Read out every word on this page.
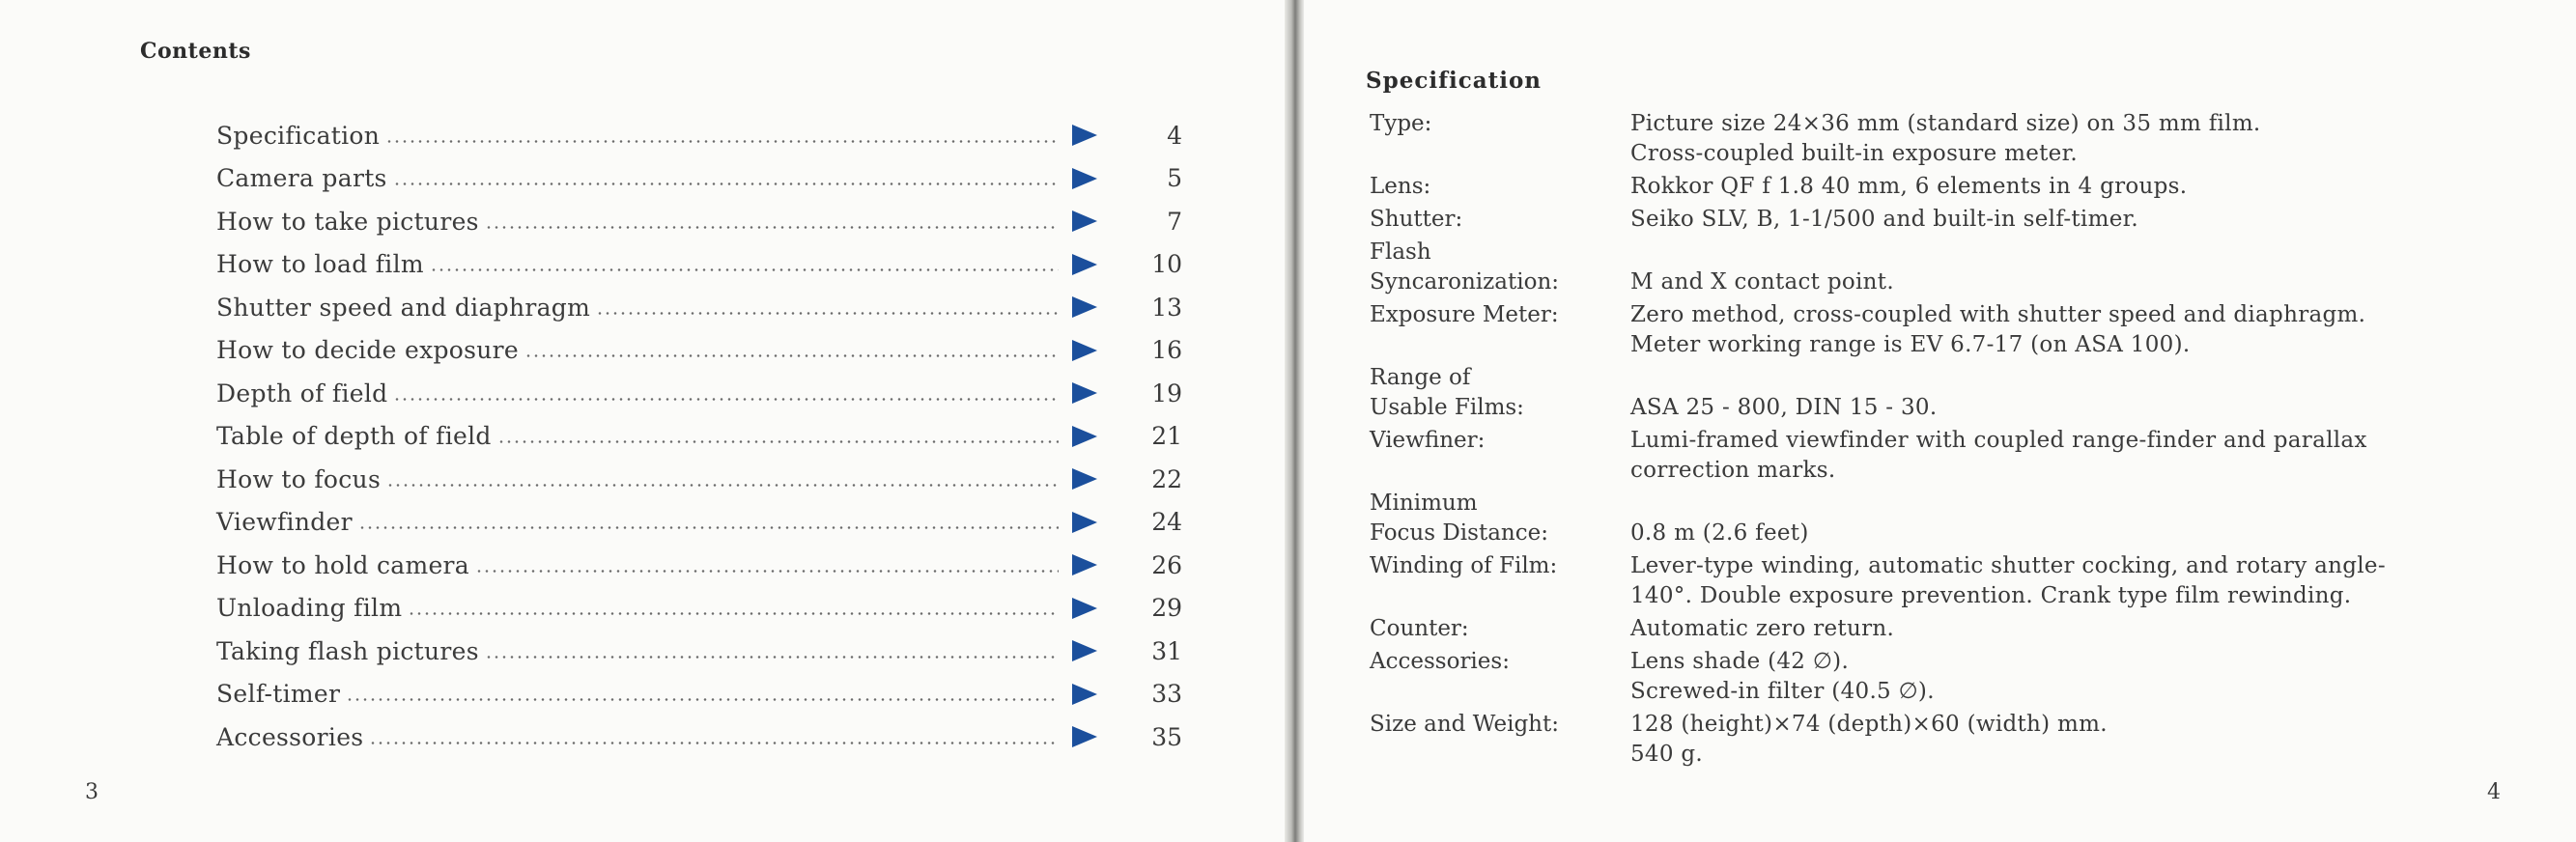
Contents
Specification	4
Camera parts	5
How to take pictures	7
How to load film	10
Shutter speed and diaphragm	13
How to decide exposure	16
Depth of field	19
Table of depth of field	21
How to focus	22
Viewfinder	24
How to hold camera	26
Unloading film	29
Taking flash pictures	31
Self-timer	33
Accessories	35
3	4
Specification
Type:	Picture size 24×36 mm (standard size) on 35 mm film.
Cross-coupled built-in exposure meter.
Lens:	Rokkor QF f 1.8 40 mm, 6 elements in 4 groups.
Shutter:	Seiko SLV, B, 1-1/500 and built-in self-timer.
Flash
Syncaronization:
	M and X contact point.
Exposure Meter:	Zero method, cross-coupled with shutter speed and diaphragm.
Meter working range is EV 6.7-17 (on ASA 100).
Range of
Usable Films:
	ASA 25 - 800, DIN 15 - 30.
Viewfiner:	Lumi-framed viewfinder with coupled range-finder and parallax
correction marks.
Minimum
Focus Distance:
	0.8 m (2.6 feet)
Winding of Film:	Lever-type winding, automatic shutter cocking, and rotary angle-
140°. Double exposure prevention. Crank type film rewinding.
Counter:	Automatic zero return.
Accessories:	Lens shade (42 ∅).
Screwed-in filter (40.5 ∅).
Size and Weight:	128 (height)×74 (depth)×60 (width) mm.
540 g.
